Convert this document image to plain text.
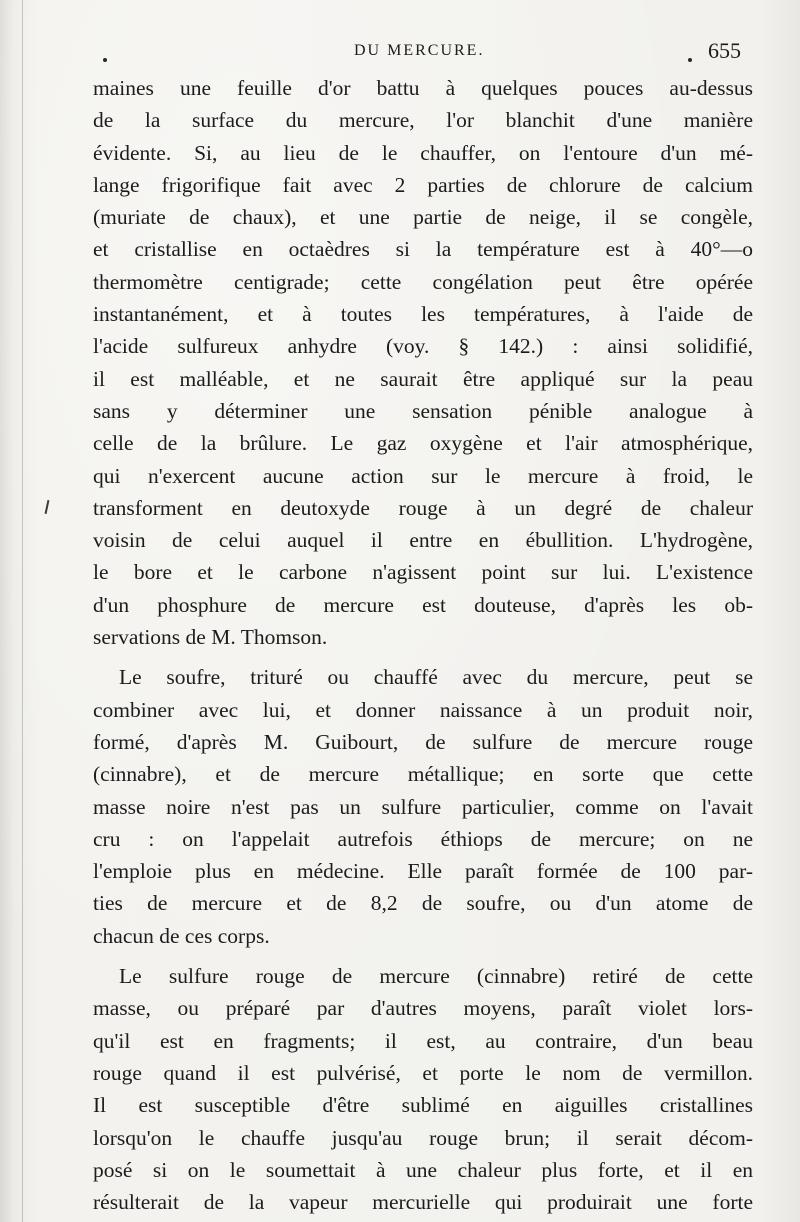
DU MERCURE.	655
maines une feuille d'or battu à quelques pouces au-dessus
de la surface du mercure, l'or blanchit d'une manière
évidente. Si, au lieu de le chauffer, on l'entoure d'un mé-
lange frigorifique fait avec 2 parties de chlorure de calcium
(muriate de chaux), et une partie de neige, il se congèle,
et cristallise en octaèdres si la température est à 40°—o
thermomètre centigrade; cette congélation peut être opérée
instantanément, et à toutes les températures, à l'aide de
l'acide sulfureux anhydre (voy. § 142.) : ainsi solidifié,
il est malléable, et ne saurait être appliqué sur la peau
sans y déterminer une sensation pénible analogue à
celle de la brûlure. Le gaz oxygène et l'air atmosphérique,
qui n'exercent aucune action sur le mercure à froid, le
transforment en deutoxyde rouge à un degré de chaleur
voisin de celui auquel il entre en ébullition. L'hydrogène,
le bore et le carbone n'agissent point sur lui. L'existence
d'un phosphure de mercure est douteuse, d'après les ob-
servations de M. Thomson.
Le soufre, trituré ou chauffé avec du mercure, peut se
combiner avec lui, et donner naissance à un produit noir,
formé, d'après M. Guibourt, de sulfure de mercure rouge
(cinnabre), et de mercure métallique; en sorte que cette
masse noire n'est pas un sulfure particulier, comme on l'avait
cru : on l'appelait autrefois éthiops de mercure; on ne
l'emploie plus en médecine. Elle paraît formée de 100 par-
ties de mercure et de 8,2 de soufre, ou d'un atome de
chacun de ces corps.
Le sulfure rouge de mercure (cinnabre) retiré de cette
masse, ou préparé par d'autres moyens, paraît violet lors-
qu'il est en fragments; il est, au contraire, d'un beau
rouge quand il est pulvérisé, et porte le nom de vermillon.
Il est susceptible d'être sublimé en aiguilles cristallines
lorsqu'on le chauffe jusqu'au rouge brun; il serait décom-
posé si on le soumettait à une chaleur plus forte, et il en
résulterait de la vapeur mercurielle qui produirait une forte
